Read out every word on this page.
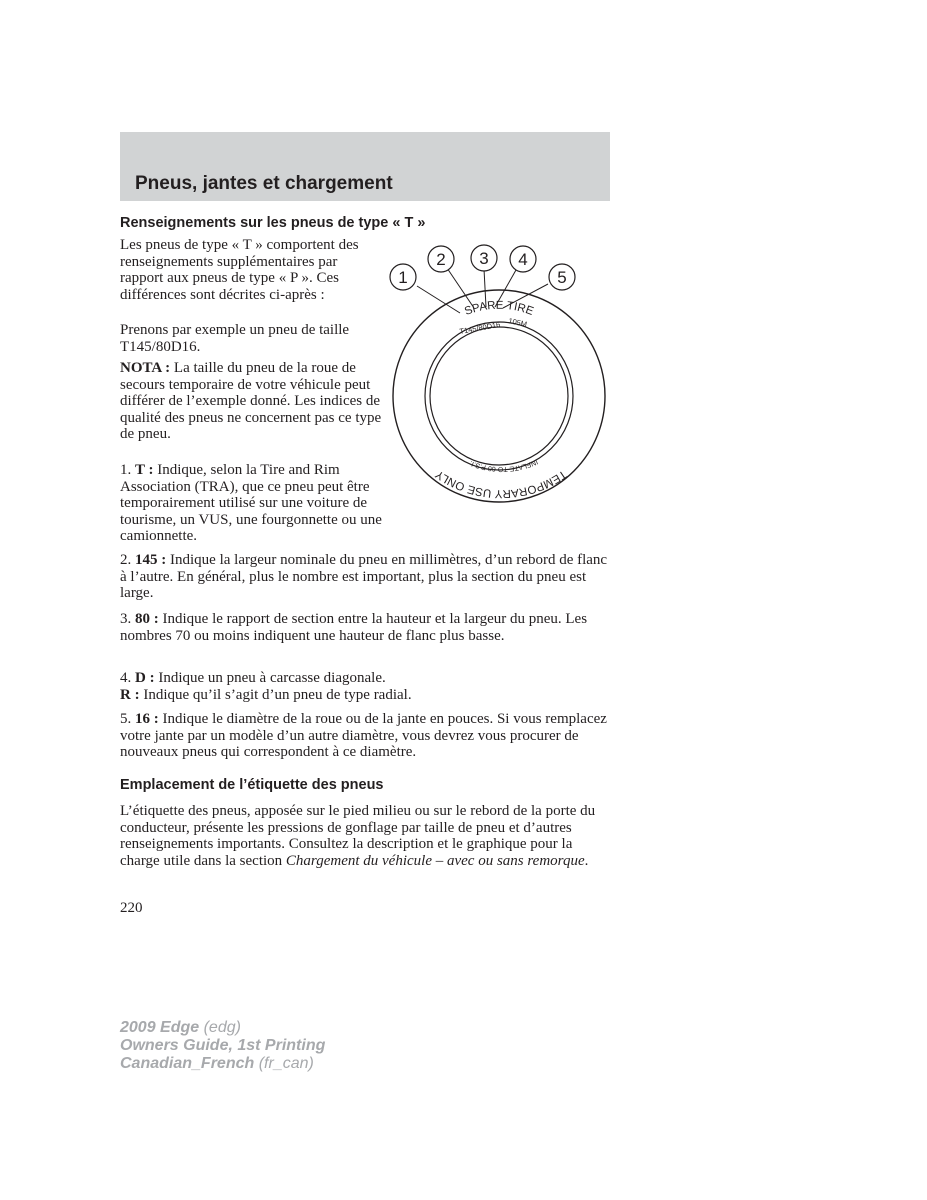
Pneus, jantes et chargement
Renseignements sur les pneus de type « T »

Les pneus de type « T » comportent des renseignements supplémentaires par rapport aux pneus de type « P ». Ces différences sont décrites ci-après :

Prenons par exemple un pneu de taille T145/80D16.

NOTA : La taille du pneu de la roue de secours temporaire de votre véhicule peut différer de l’exemple donné. Les indices de qualité des pneus ne concernent pas ce type de pneu.

1. T : Indique, selon la Tire and Rim Association (TRA), que ce pneu peut être temporairement utilisé sur une voiture de tourisme, un VUS, une fourgonnette ou une camionnette.

2. 145 : Indique la largeur nominale du pneu en millimètres, d’un rebord de flanc à l’autre. En général, plus le nombre est important, plus la section du pneu est large.

3. 80 : Indique le rapport de section entre la hauteur et la largeur du pneu. Les nombres 70 ou moins indiquent une hauteur de flanc plus basse.

4. D : Indique un pneu à carcasse diagonale.

R : Indique qu’il s’agit d’un pneu de type radial.

5. 16 : Indique le diamètre de la roue ou de la jante en pouces. Si vous remplacez votre jante par un modèle d’un autre diamètre, vous devrez vous procurer de nouveaux pneus qui correspondent à ce diamètre.

1
2 3 4
5
SPARE TIRE
T145/80D16 105M
TEMPORARY USE ONLY
INFLATE TO 60 P.S.I.
Emplacement de l’étiquette des pneus

L’étiquette des pneus, apposée sur le pied milieu ou sur le rebord de la porte du conducteur, présente les pressions de gonflage par taille de pneu et d’autres renseignements importants. Consultez la description et le graphique pour la charge utile dans la section Chargement du véhicule – avec ou sans remorque.

220
2009 Edge (edg)
Owners Guide, 1st Printing
Canadian_French (fr_can)
